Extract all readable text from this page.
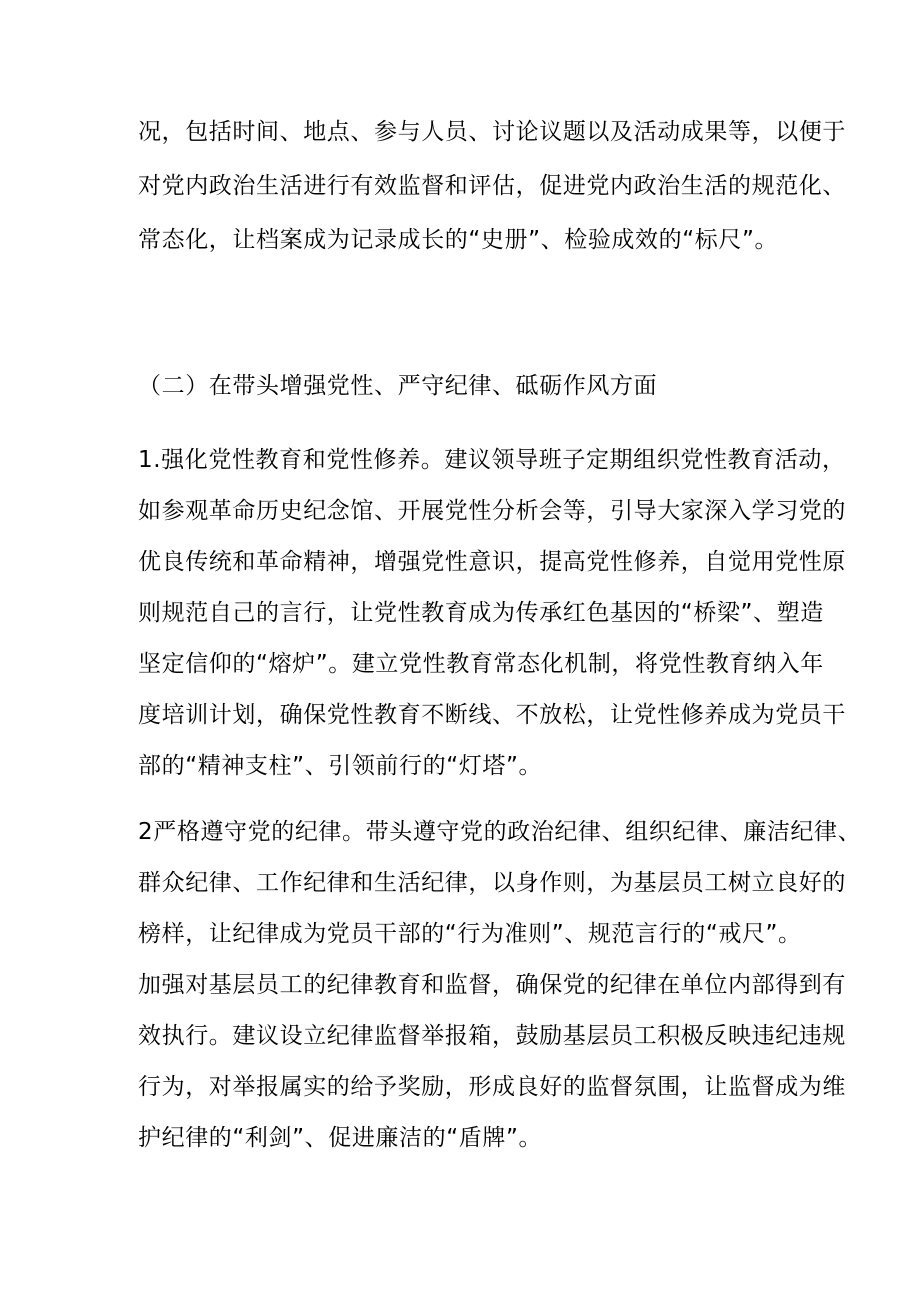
况，包括时间、地点、参与人员、讨论议题以及活动成果等，以便于
对党内政治生活进行有效监督和评估，促进党内政治生活的规范化、
常态化，让档案成为记录成长的“史册”、检验成效的“标尺”。
（二）在带头增强党性、严守纪律、砥砺作风方面
1.强化党性教育和党性修养。建议领导班子定期组织党性教育活动，
如参观革命历史纪念馆、开展党性分析会等，引导大家深入学习党的
优良传统和革命精神，增强党性意识，提高党性修养，自觉用党性原
则规范自己的言行，让党性教育成为传承红色基因的“桥梁”、塑造
坚定信仰的“熔炉”。建立党性教育常态化机制，将党性教育纳入年
度培训计划，确保党性教育不断线、不放松，让党性修养成为党员干
部的“精神支柱”、引领前行的“灯塔”。
2严格遵守党的纪律。带头遵守党的政治纪律、组织纪律、廉洁纪律、
群众纪律、工作纪律和生活纪律，以身作则，为基层员工树立良好的
榜样，让纪律成为党员干部的“行为准则”、规范言行的“戒尺”。
加强对基层员工的纪律教育和监督，确保党的纪律在单位内部得到有
效执行。建议设立纪律监督举报箱，鼓励基层员工积极反映违纪违规
行为，对举报属实的给予奖励，形成良好的监督氛围，让监督成为维
护纪律的“利剑”、促进廉洁的“盾牌”。
